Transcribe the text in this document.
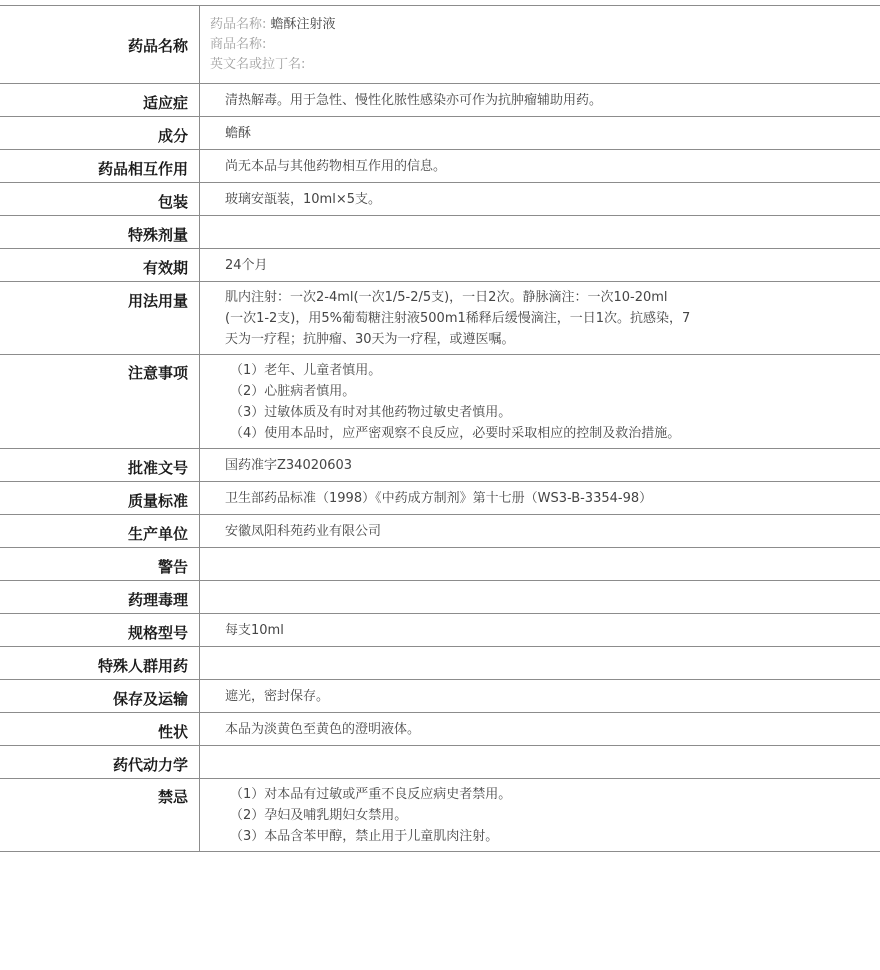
药品名称
药品名称: 蟾酥注射液
商品名称:
英文名或拉丁名:
适应症	清热解毒。用于急性、慢性化脓性感染亦可作为抗肿瘤辅助用药。
成分	蟾酥
药品相互作用	尚无本品与其他药物相互作用的信息。
包装	玻璃安瓿装，10ml×5支。
特殊剂量
有效期	24个月
用法用量	肌内注射：一次2-4ml(一次1/5-2/5支)，一日2次。静脉滴注：一次10-20ml
(一次1-2支)，用5%葡萄糖注射液500m1稀释后缓慢滴注，一日1次。抗感染，7
天为一疗程；抗肿瘤、30天为一疗程，或遵医嘱。
注意事项	（1）老年、儿童者慎用。
（2）心脏病者慎用。
（3）过敏体质及有时对其他药物过敏史者慎用。
（4）使用本品时，应严密观察不良反应，必要时采取相应的控制及救治措施。
批准文号	国药准字Z34020603
质量标准	卫生部药品标准（1998）《中药成方制剂》第十七册（WS3-B-3354-98）
生产单位	安徽凤阳科苑药业有限公司
警告
药理毒理
规格型号	每支10ml
特殊人群用药
保存及运输	遮光，密封保存。
性状	本品为淡黄色至黄色的澄明液体。
药代动力学
禁忌	（1）对本品有过敏或严重不良反应病史者禁用。
（2）孕妇及哺乳期妇女禁用。
（3）本品含苯甲醇，禁止用于儿童肌肉注射。
